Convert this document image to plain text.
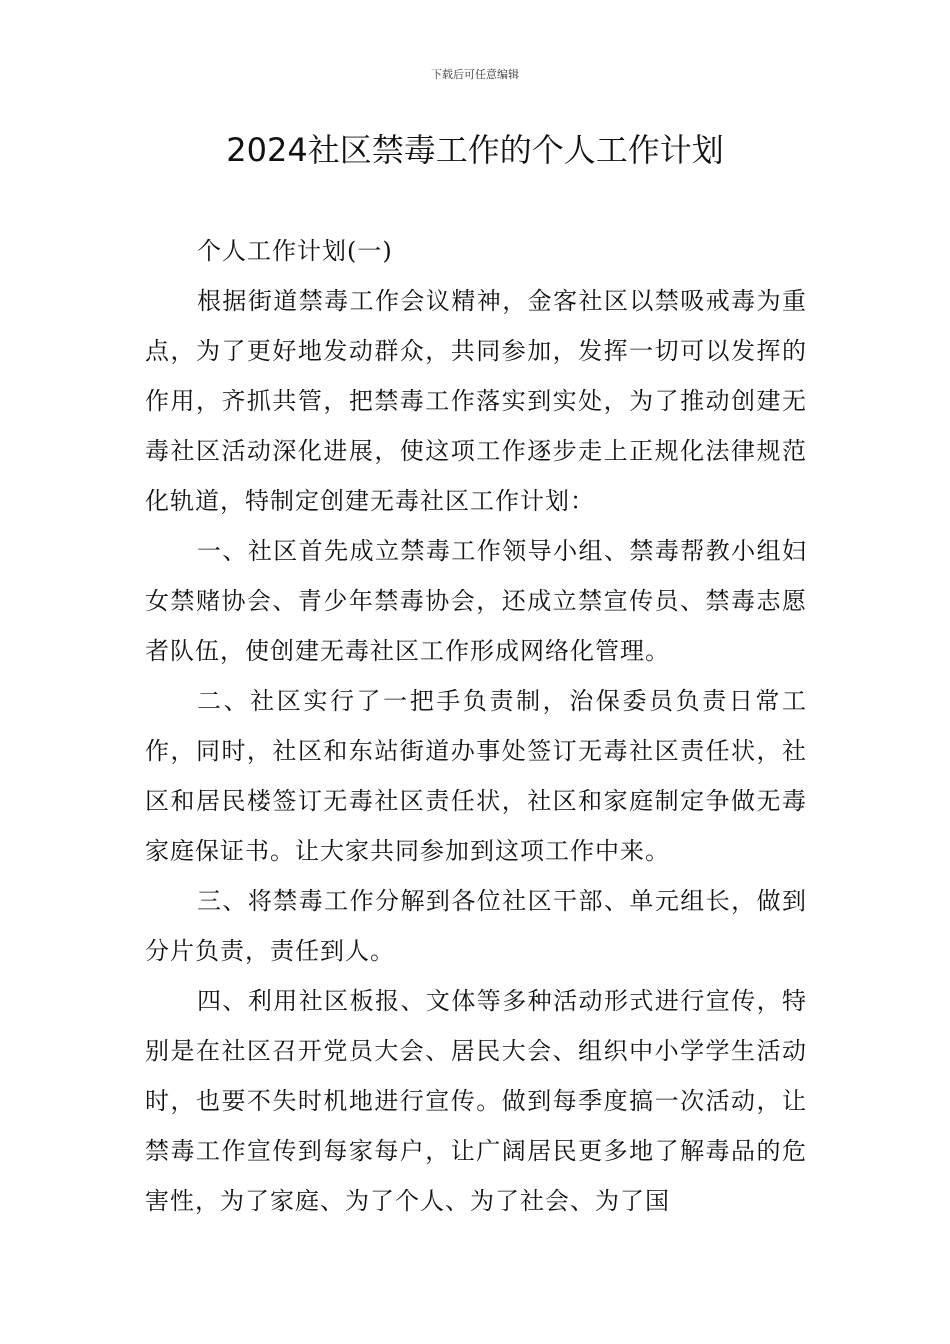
下载后可任意编辑
2024社区禁毒工作的个人工作计划

个人工作计划(一)

根据街道禁毒工作会议精神，金客社区以禁吸戒毒为重点，为了更好地发动群众，共同参加，发挥一切可以发挥的作用，齐抓共管，把禁毒工作落实到实处，为了推动创建无毒社区活动深化进展，使这项工作逐步走上正规化法律规范化轨道，特制定创建无毒社区工作计划：

一、社区首先成立禁毒工作领导小组、禁毒帮教小组妇女禁赌协会、青少年禁毒协会，还成立禁宣传员、禁毒志愿者队伍，使创建无毒社区工作形成网络化管理。

二、社区实行了一把手负责制，治保委员负责日常工作，同时，社区和东站街道办事处签订无毒社区责任状，社区和居民楼签订无毒社区责任状，社区和家庭制定争做无毒家庭保证书。让大家共同参加到这项工作中来。

三、将禁毒工作分解到各位社区干部、单元组长，做到分片负责，责任到人。

四、利用社区板报、文体等多种活动形式进行宣传，特别是在社区召开党员大会、居民大会、组织中小学学生活动时，也要不失时机地进行宣传。做到每季度搞一次活动，让禁毒工作宣传到每家每户，让广阔居民更多地了解毒品的危害性，为了家庭、为了个人、为了社会、为了国
